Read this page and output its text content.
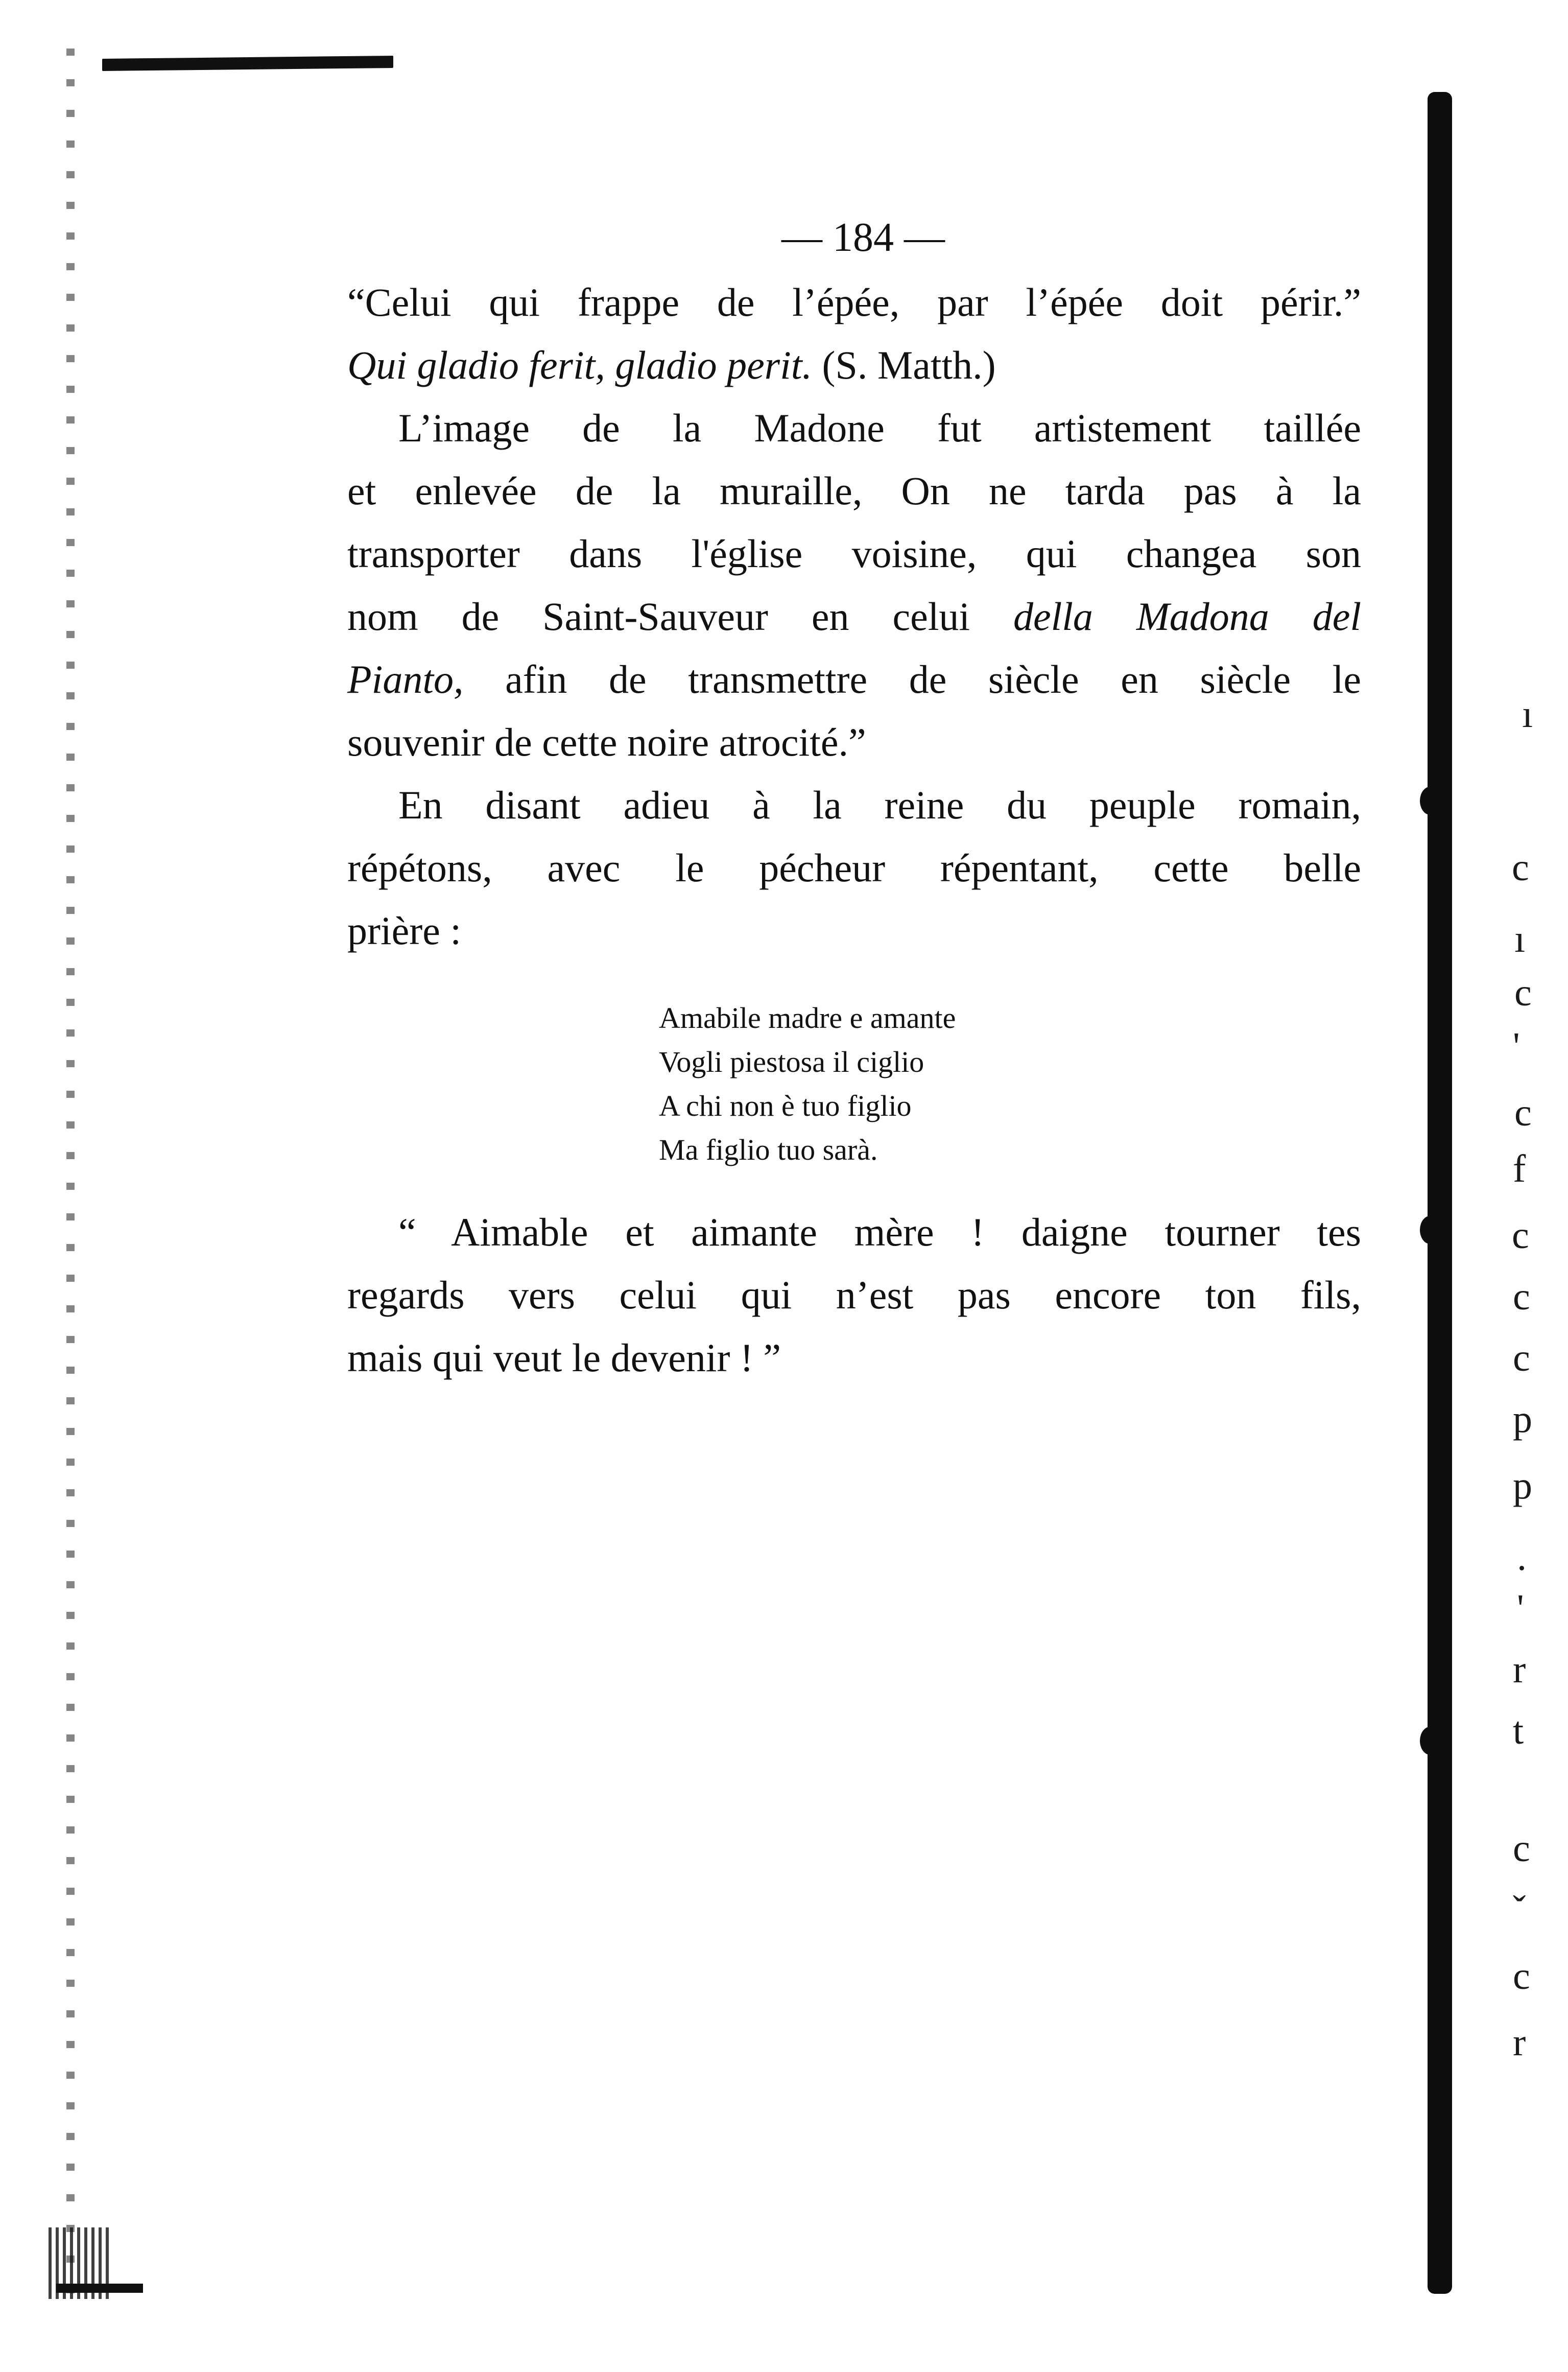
ı
c
ı
c
'
c
f
c
c
c
p
p
.
'
r
t
c
ˇ
c
r
— 184 —
“Celui qui frappe de l’épée, par l’épée doit périr.”
Qui gladio ferit, gladio perit. (S. Matth.)
L’image de la Madone fut artistement taillée
et enlevée de la muraille, On ne tarda pas à la
transporter dans l'église voisine, qui changea son
nom de Saint-Sauveur en celui della Madona del
Pianto, afin de transmettre de siècle en siècle le
souvenir de cette noire atrocité.”
En disant adieu à la reine du peuple romain,
répétons, avec le pécheur répentant, cette belle
prière :
Amabile madre e amante
Vogli piestosa il ciglio
A chi non è tuo figlio
Ma figlio tuo sarà.
“ Aimable et aimante mère ! daigne tourner tes
regards vers celui qui n’est pas encore ton fils,
mais qui veut le devenir ! ”
